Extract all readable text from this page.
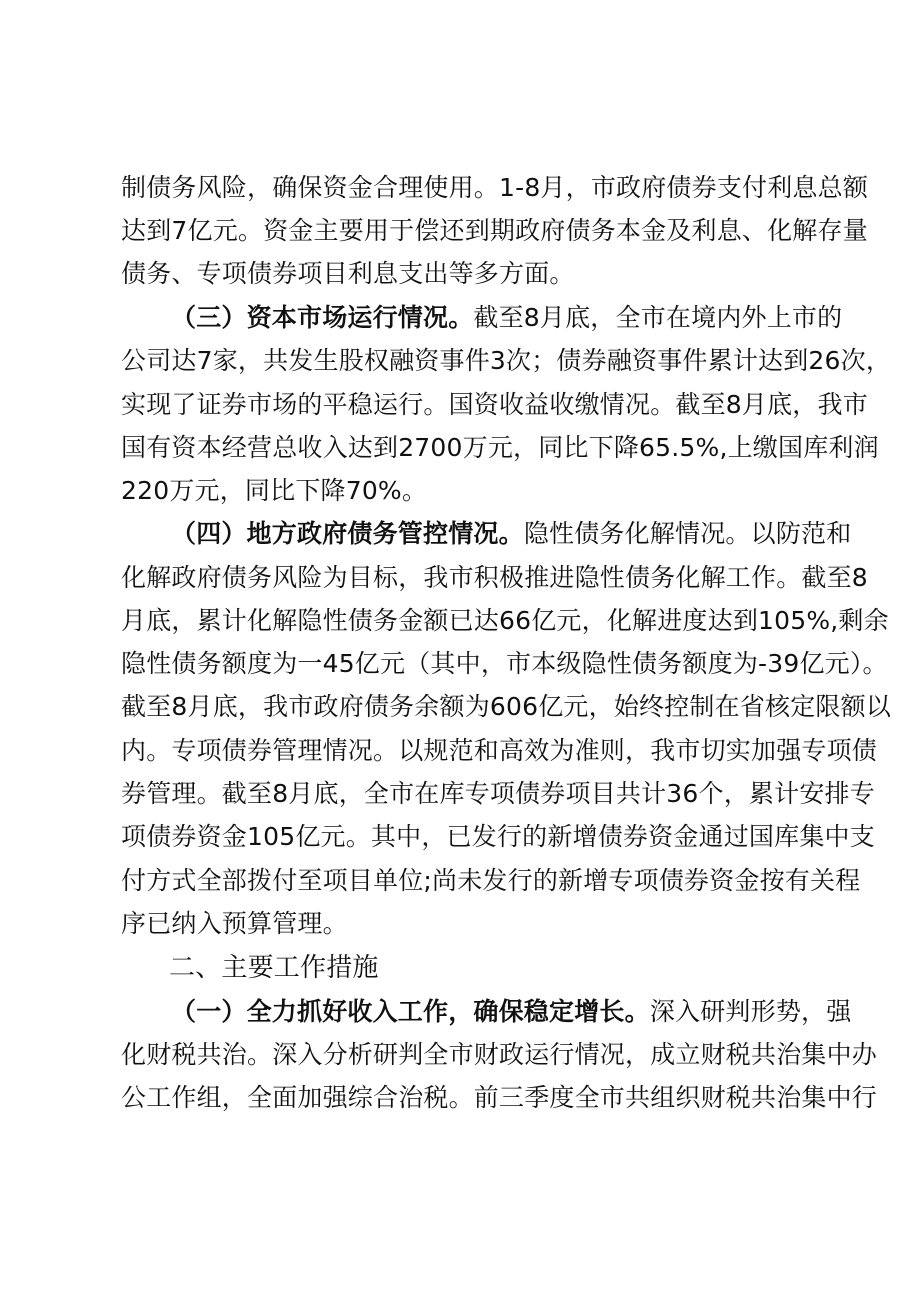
制债务风险，确保资金合理使用。1-8月，市政府债券支付利息总额
达到7亿元。资金主要用于偿还到期政府债务本金及利息、化解存量
债务、专项债券项目利息支出等多方面。
（三）资本市场运行情况。截至8月底，全市在境内外上市的
公司达7家，共发生股权融资事件3次；债券融资事件累计达到26次，
实现了证券市场的平稳运行。国资收益收缴情况。截至8月底，我市
国有资本经营总收入达到2700万元，同比下降65.5%,上缴国库利润
220万元，同比下降70%。
（四）地方政府债务管控情况。隐性债务化解情况。以防范和
化解政府债务风险为目标，我市积极推进隐性债务化解工作。截至8
月底，累计化解隐性债务金额已达66亿元，化解进度达到105%,剩余
隐性债务额度为一45亿元（其中，市本级隐性债务额度为-39亿元）。
截至8月底，我市政府债务余额为606亿元，始终控制在省核定限额以
内。专项债券管理情况。以规范和高效为准则，我市切实加强专项债
券管理。截至8月底，全市在库专项债券项目共计36个，累计安排专
项债券资金105亿元。其中，已发行的新增债券资金通过国库集中支
付方式全部拨付至项目单位;尚未发行的新增专项债券资金按有关程
序已纳入预算管理。
二、主要工作措施
（一）全力抓好收入工作，确保稳定增长。深入研判形势，强
化财税共治。深入分析研判全市财政运行情况，成立财税共治集中办
公工作组，全面加强综合治税。前三季度全市共组织财税共治集中行
